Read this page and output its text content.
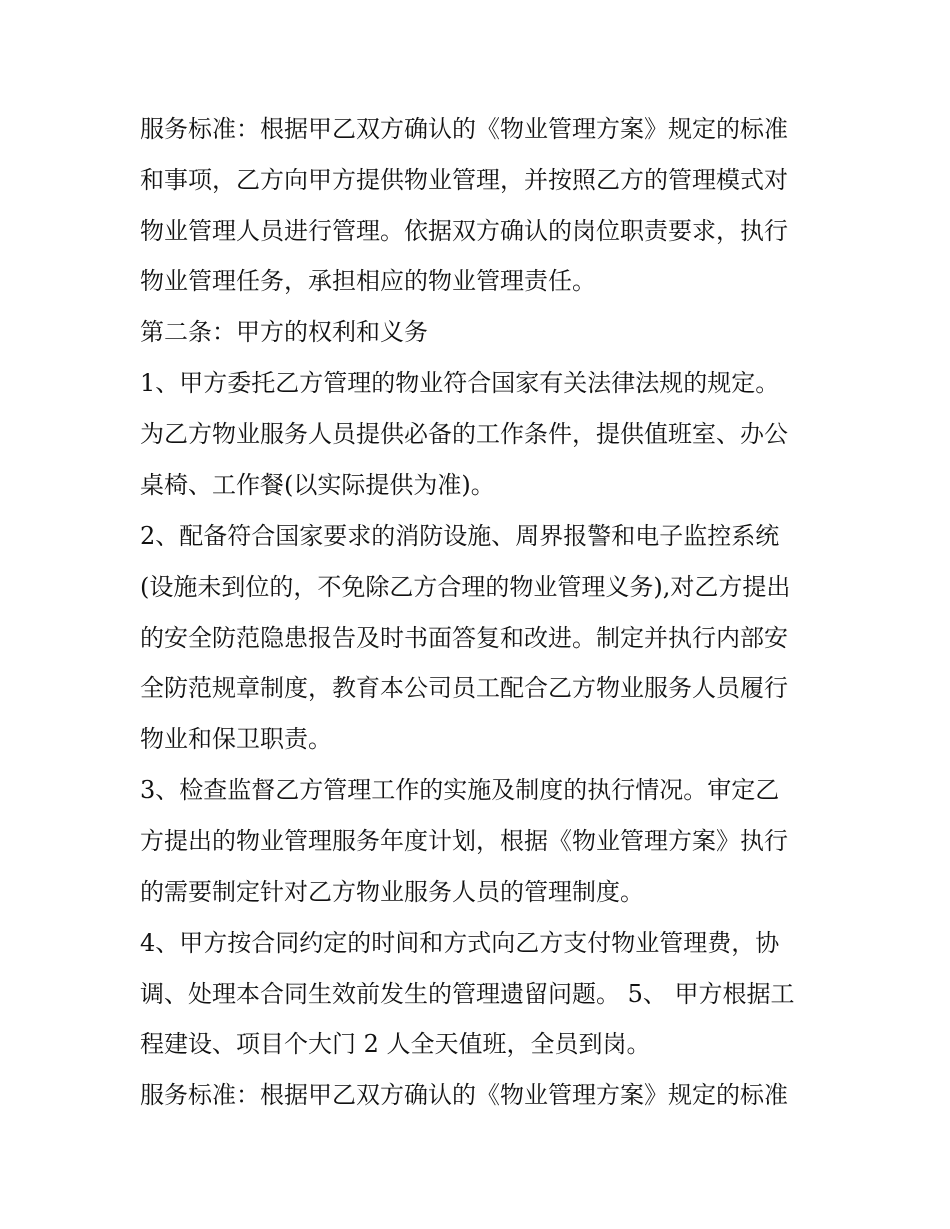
服务标准：根据甲乙双方确认的《物业管理方案》规定的标准
和事项，乙方向甲方提供物业管理，并按照乙方的管理模式对
物业管理人员进行管理。依据双方确认的岗位职责要求，执行
物业管理任务，承担相应的物业管理责任。
第二条：甲方的权利和义务
1、甲方委托乙方管理的物业符合国家有关法律法规的规定。
为乙方物业服务人员提供必备的工作条件，提供值班室、办公
桌椅、工作餐(以实际提供为准)。
2、配备符合国家要求的消防设施、周界报警和电子监控系统
(设施未到位的，不免除乙方合理的物业管理义务),对乙方提出
的安全防范隐患报告及时书面答复和改进。制定并执行内部安
全防范规章制度，教育本公司员工配合乙方物业服务人员履行
物业和保卫职责。
3、检查监督乙方管理工作的实施及制度的执行情况。审定乙
方提出的物业管理服务年度计划，根据《物业管理方案》执行
的需要制定针对乙方物业服务人员的管理制度。
4、甲方按合同约定的时间和方式向乙方支付物业管理费，协
调、处理本合同生效前发生的管理遗留问题。 5、 甲方根据工
程建设、项目个大门 2 人全天值班，全员到岗。
服务标准：根据甲乙双方确认的《物业管理方案》规定的标准
